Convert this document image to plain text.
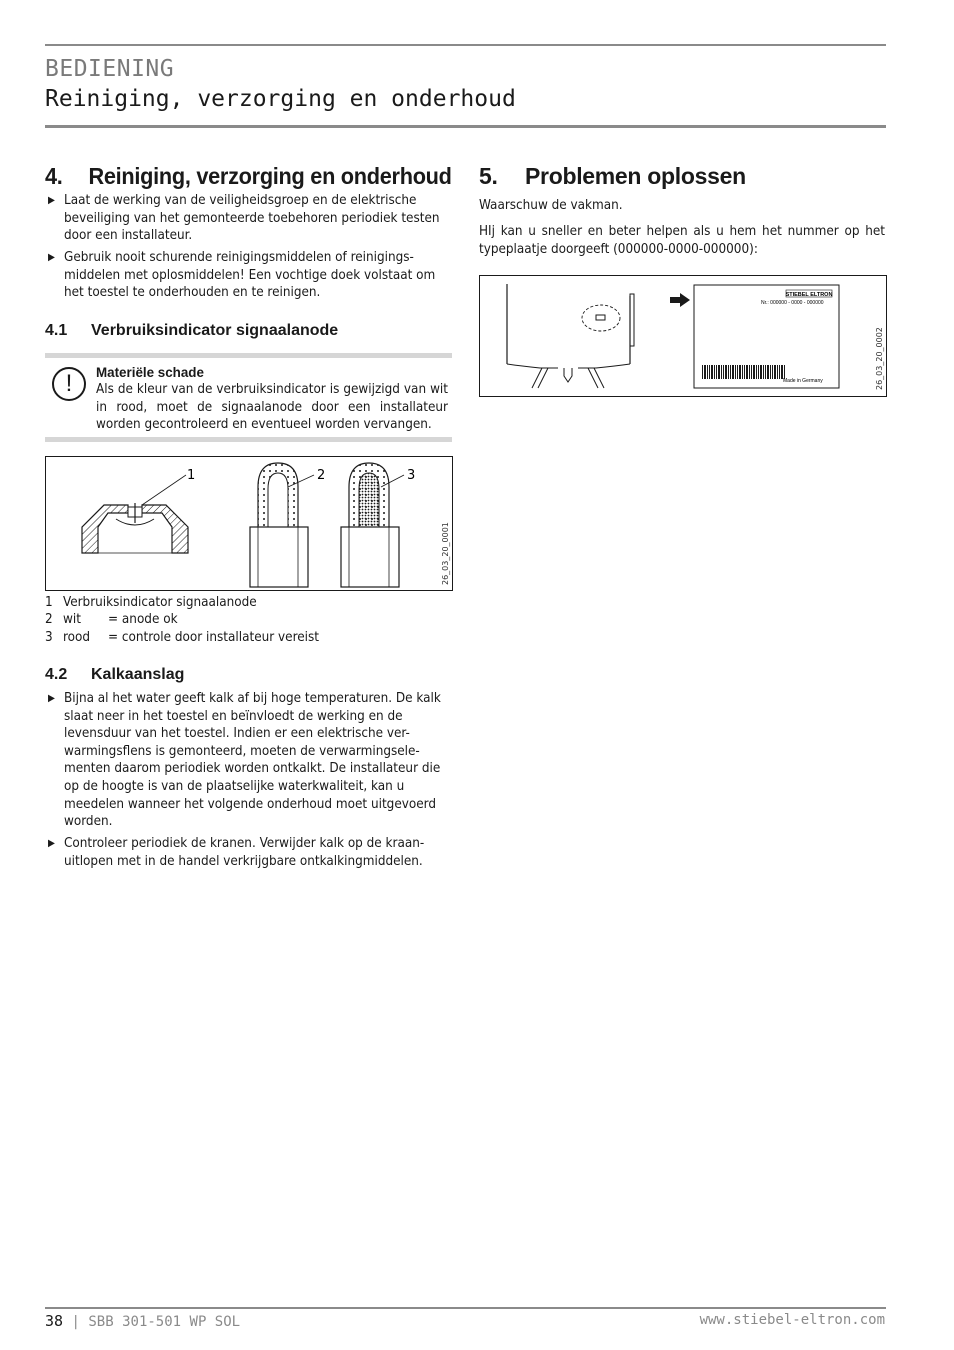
BEDIENING
Reiniging, verzorging en onderhoud
4. Reiniging, verzorging en onderhoud
▶ Laat de werking van de veiligheidsgroep en de elektrische beveiliging van het gemonteerde toebehoren periodiek testen door een installateur.
▶ Gebruik nooit schurende reinigingsmiddelen of reinigings-middelen met oplosmiddelen! Een vochtige doek volstaat om het toestel te onderhouden en te reinigen.
4.1 Verbruiksindicator signaalanode
!	Materiële schade
Als de kleur van de verbruiksindicator is gewijzigd van wit in rood, moet de signaalanode door een installateur worden gecontroleerd en eventueel worden vervangen.
1	2	3
26_03_20_0001
1 Verbruiksindicator signaalanode
2 wit = anode ok
3 rood = controle door installateur vereist
4.2 Kalkaanslag
▶ Bijna al het water geeft kalk af bij hoge temperaturen. De kalk slaat neer in het toestel en beïnvloedt de werking en de levensduur van het toestel. Indien er een elektrische ver-warmingsflens is gemonteerd, moeten de verwarmingsele-menten daarom periodiek worden ontkalkt. De installateur die op de hoogte is van de plaatselijke waterkwaliteit, kan u meedelen wanneer het volgende onderhoud moet uitgevoerd worden.
▶ Controleer periodiek de kranen. Verwijder kalk op de kraan-uitlopen met in de handel verkrijgbare ontkalkingmiddelen.
5. Problemen oplossen
Waarschuw de vakman.
HIj kan u sneller en beter helpen als u hem het nummer op het typeplaatje doorgeeft (000000-0000-000000):
STIEBEL ELTRON
Nr.: 000000 - 0000 - 000000
Made in Germany	26_03_20_0002
38 | SBB 301-501 WP SOL	www.stiebel-eltron.com
